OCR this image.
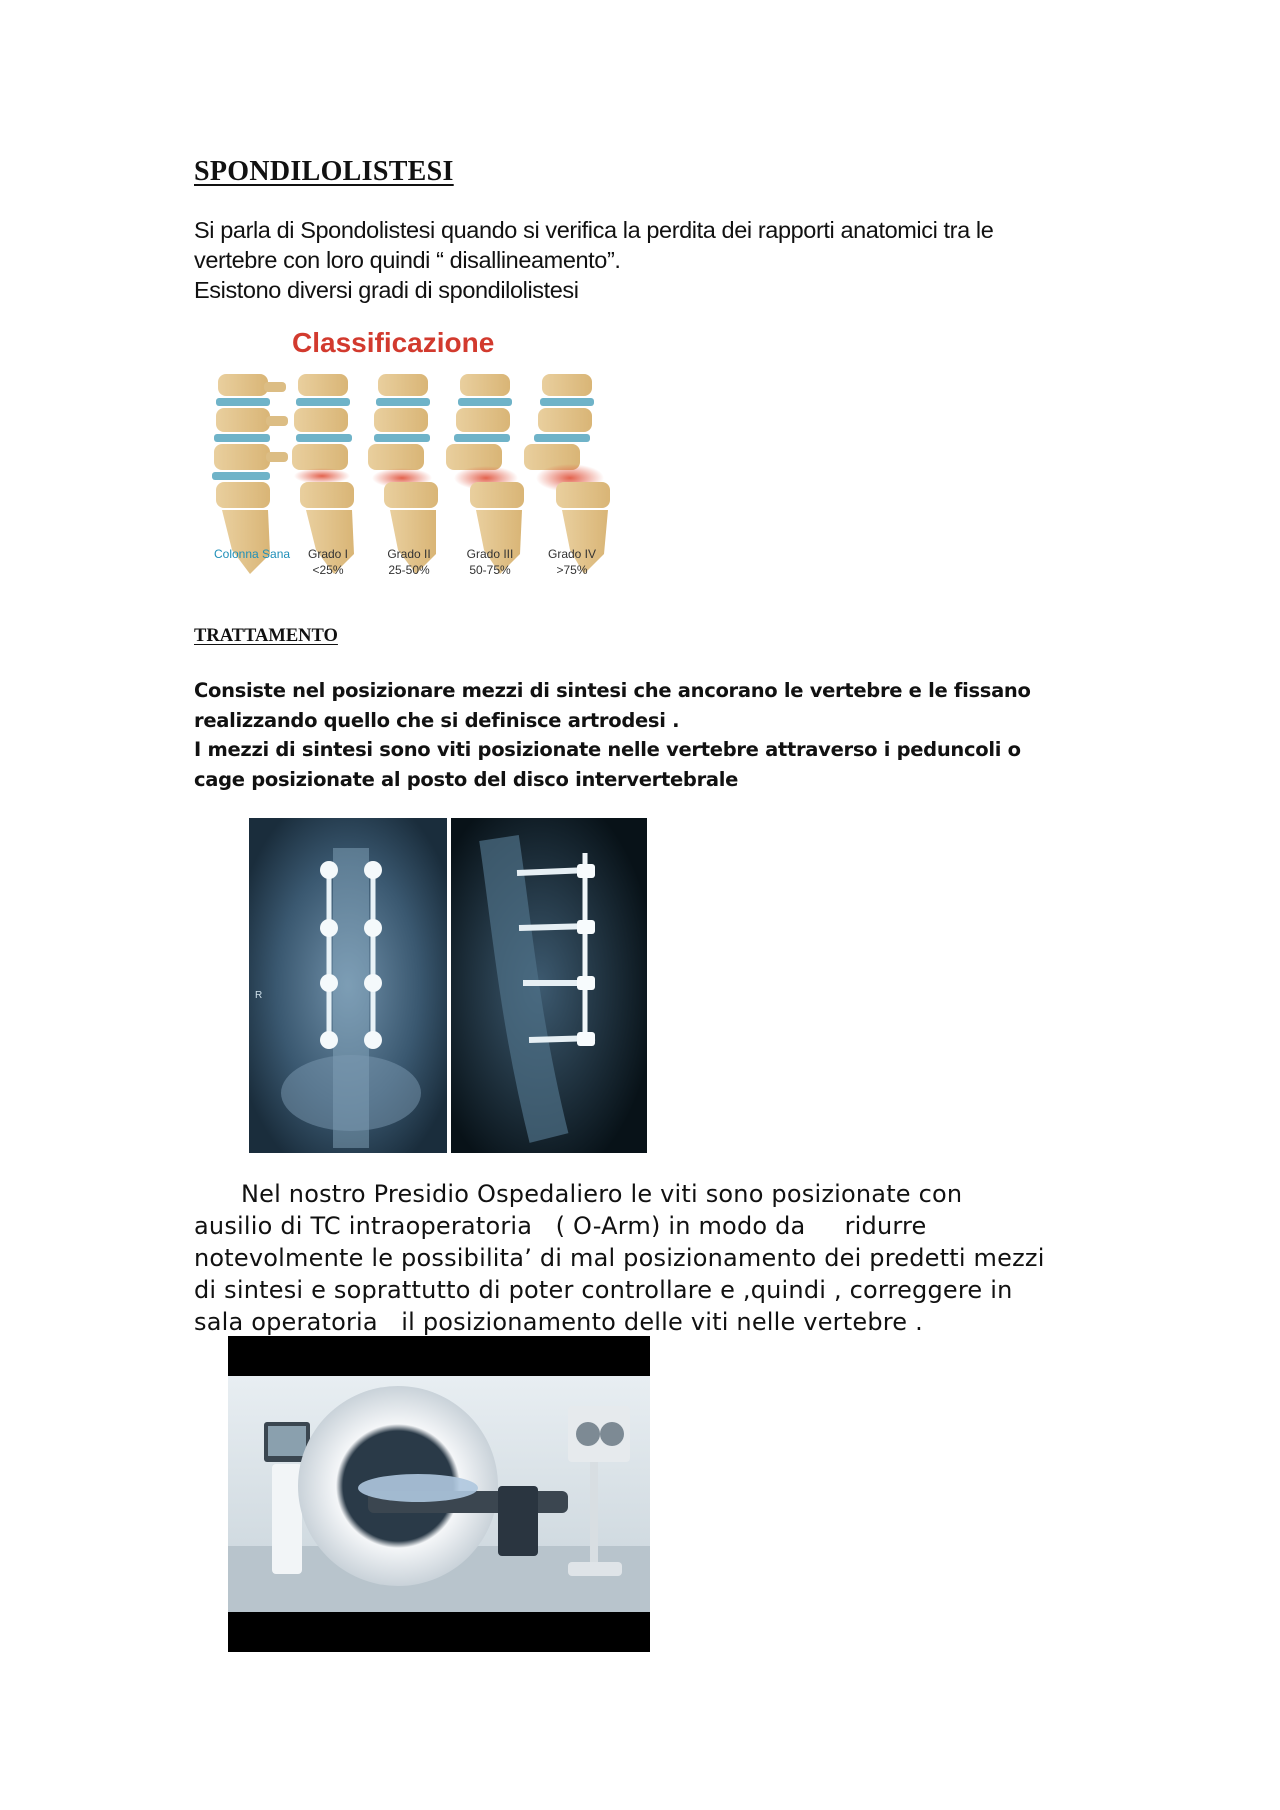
SPONDILOLISTESI
Si parla di Spondolistesi quando si verifica la perdita dei rapporti anatomici tra le
vertebre con loro quindi “ disallineamento”.
Esistono diversi gradi di spondilolistesi
Classificazione
Colonna Sana Grado I
<25%
Grado II
25-50%
Grado III
50-75%
Grado IV
>75%
TRATTAMENTO
Consiste nel posizionare mezzi di sintesi che ancorano le vertebre e le fissano
realizzando quello che si definisce artrodesi .
I mezzi di sintesi sono viti posizionate nelle vertebre attraverso i peduncoli o
cage posizionate al posto del disco intervertebrale
R
Nel nostro Presidio Ospedaliero le viti sono posizionate con
ausilio di TC intraoperatoria   ( O-Arm) in modo da     ridurre
notevolmente le possibilita’ di mal posizionamento dei predetti mezzi
di sintesi e soprattutto di poter controllare e ,quindi , correggere in
sala operatoria   il posizionamento delle viti nelle vertebre .
